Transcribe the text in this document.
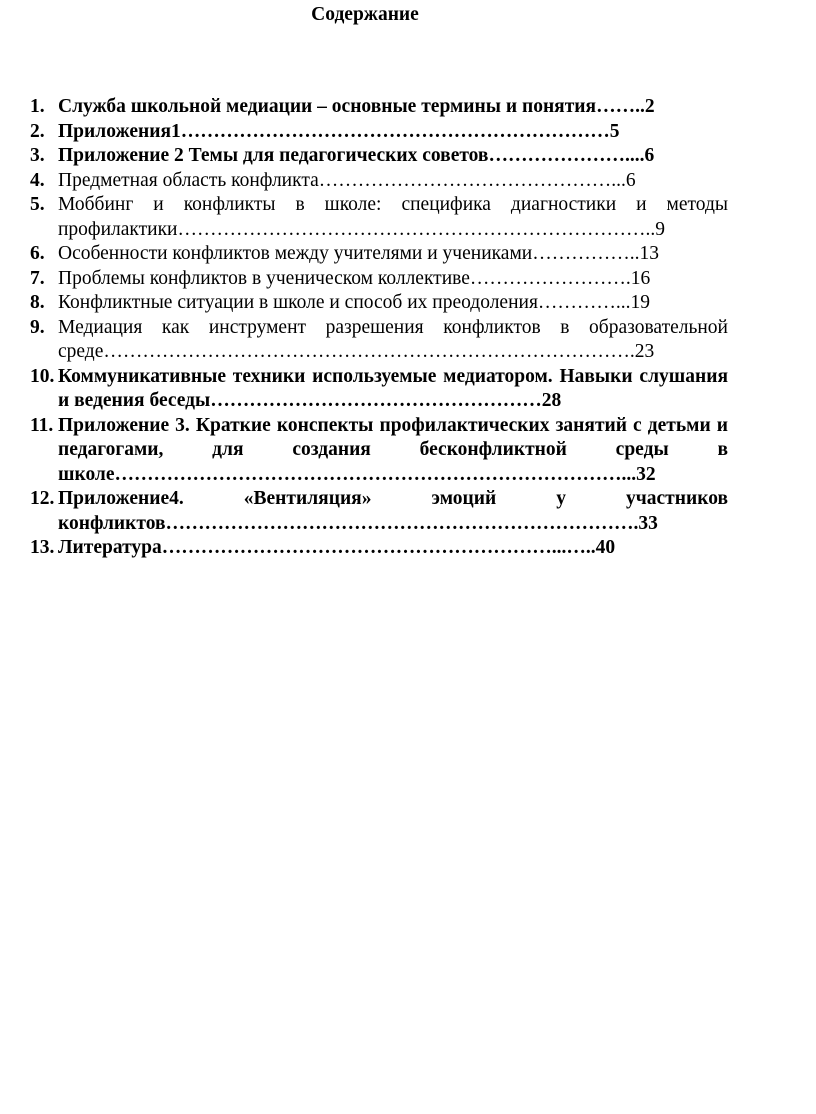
Содержание
1. Служба школьной медиации – основные термины и понятия……..2
2. Приложения1…………………………………………………………5
3. Приложение 2 Темы для педагогических советов…………………....6
4. Предметная область конфликта………………………………………...6
5. Моббинг и конфликты в школе: специфика диагностики и методы профилактики………………………………………………………………..9
6. Особенности конфликтов между учителями и учениками……………..13
7. Проблемы конфликтов в ученическом коллективе…………………….16
8. Конфликтные ситуации в школе и способ их преодоления…………...19
9. Медиация как инструмент разрешения конфликтов в образовательной среде……………………………………………………………………….23
10. Коммуникативные техники используемые медиатором. Навыки слушания и ведения беседы……………………………………………28
11. Приложение 3. Краткие конспекты профилактических занятий с детьми и педагогами, для создания бесконфликтной среды в школе……………………………………………………………………...32
12. Приложение4. «Вентиляция» эмоций у участников конфликтов……………………………………………………………….33
13. Литература……………………………………………………...…..40
